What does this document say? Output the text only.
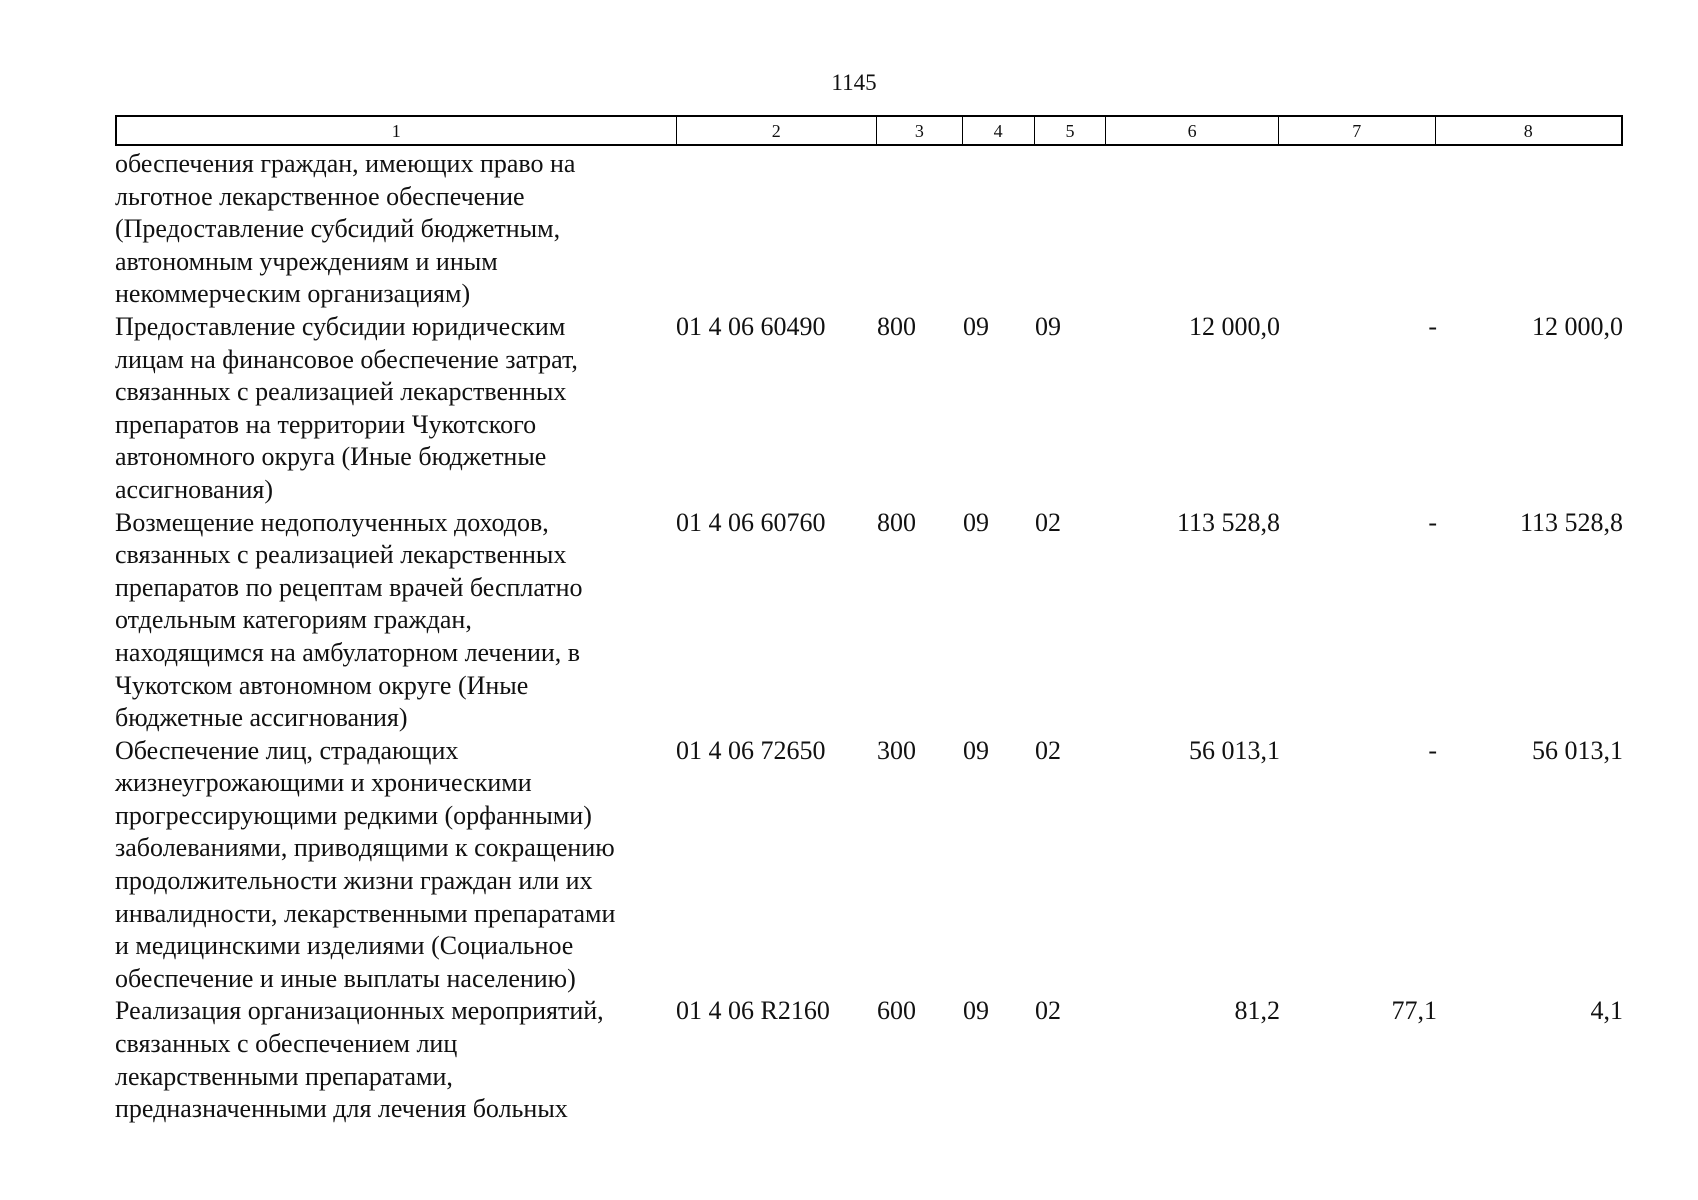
1145
1	2	3	4	5	6	7	8
обеспечения граждан, имеющих право на
льготное лекарственное обеспечение
(Предоставление субсидий бюджетным,
автономным учреждениям и иным
некоммерческим организациям)
Предоставление субсидии юридическим
лицам на финансовое обеспечение затрат,
связанных с реализацией лекарственных
препаратов на территории Чукотского
автономного округа (Иные бюджетные
ассигнования)
01 4 06 60490	800	09	09	12 000,0	-	12 000,0
Возмещение недополученных доходов,
связанных с реализацией лекарственных
препаратов по рецептам врачей бесплатно
отдельным категориям граждан,
находящимся на амбулаторном лечении, в
Чукотском автономном округе (Иные
бюджетные ассигнования)
01 4 06 60760	800	09	02	113 528,8	-	113 528,8
Обеспечение лиц, страдающих
жизнеугрожающими и хроническими
прогрессирующими редкими (орфанными)
заболеваниями, приводящими к сокращению
продолжительности жизни граждан или их
инвалидности, лекарственными препаратами
и медицинскими изделиями (Социальное
обеспечение и иные выплаты населению)
01 4 06 72650	300	09	02	56 013,1	-	56 013,1
Реализация организационных мероприятий,
связанных с обеспечением лиц
лекарственными препаратами,
предназначенными для лечения больных
01 4 06 R2160	600	09	02	81,2	77,1	4,1
